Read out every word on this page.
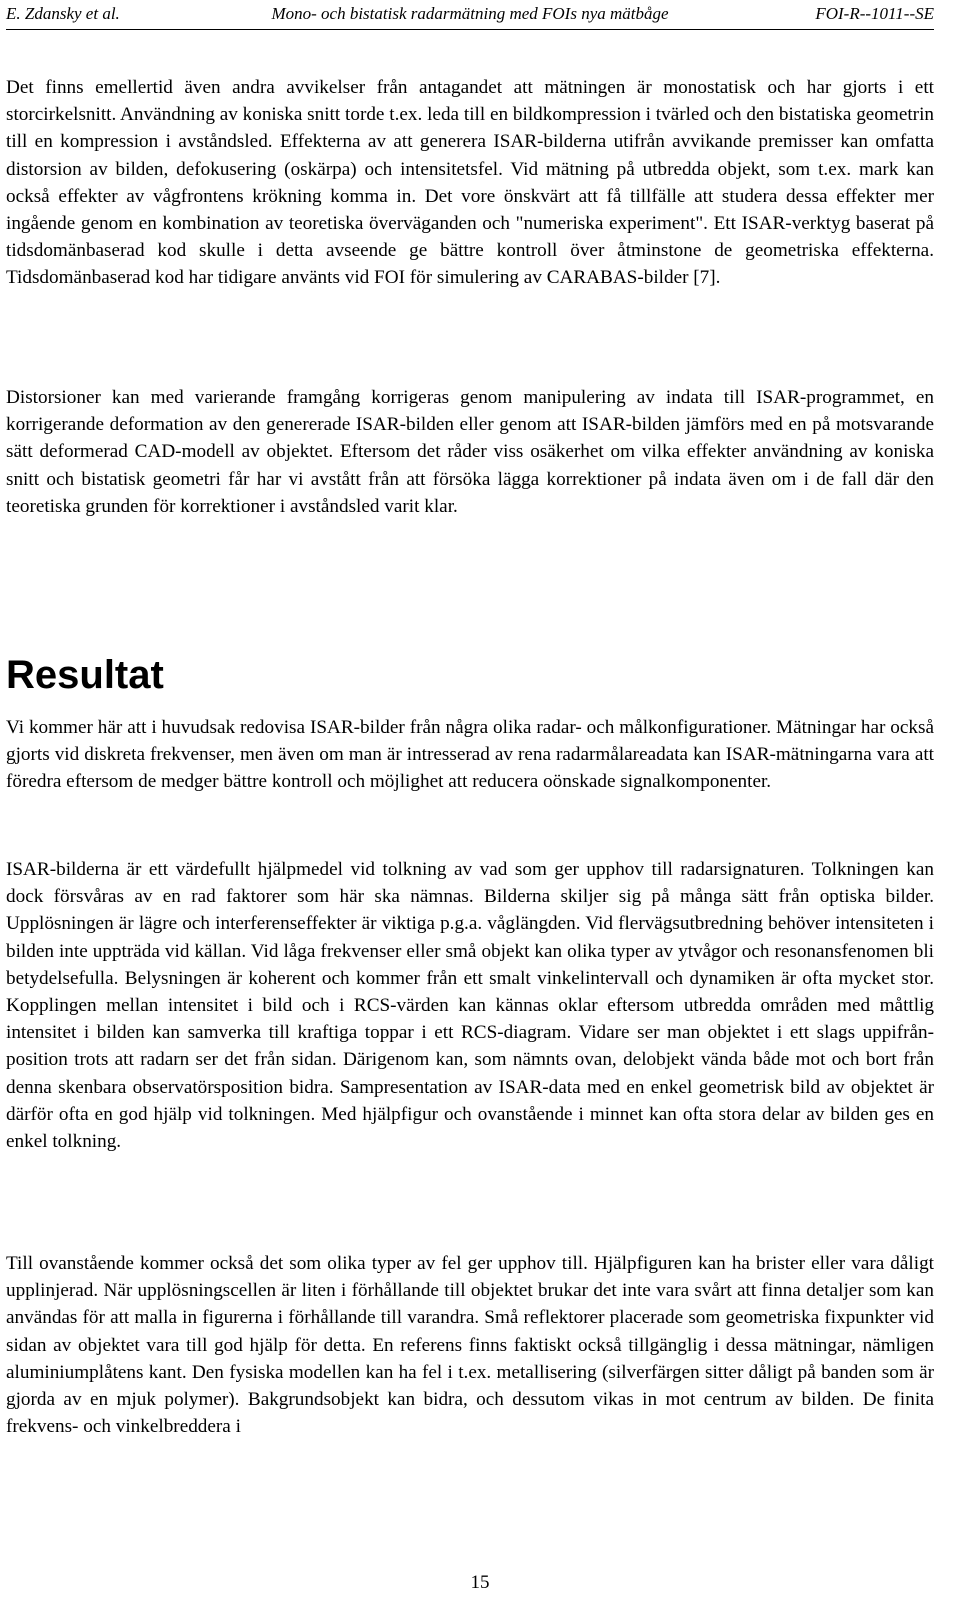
Mono- och bistatisk radarmätning med FOIs nya mätbåge
E. Zdansky et al.	FOI-R--1011--SE

Det finns emellertid även andra avvikelser från antagandet att mätningen är monostatisk och har gjorts i ett storcirkelsnitt. Användning av koniska snitt torde t.ex. leda till en bildkompression i tvärled och den bistatiska geometrin till en kompression i avståndsled. Effekterna av att generera ISAR-bilderna utifrån avvikande premisser kan omfatta distorsion av bilden, defokusering (oskärpa) och intensitetsfel. Vid mätning på utbredda objekt, som t.ex. mark kan också effekter av vågfrontens krökning komma in. Det vore önskvärt att få tillfälle att studera dessa effekter mer ingående genom en kombination av teoretiska överväganden och "numeriska experiment". Ett ISAR-verktyg baserat på tidsdomänbaserad kod skulle i detta avseende ge bättre kontroll över åtminstone de geometriska effekterna. Tidsdomänbaserad kod har tidigare använts vid FOI för simulering av CARABAS-bilder [7].

Distorsioner kan med varierande framgång korrigeras genom manipulering av indata till ISAR-programmet, en korrigerande deformation av den genererade ISAR-bilden eller genom att ISAR-bilden jämförs med en på motsvarande sätt deformerad CAD-modell av objektet. Eftersom det råder viss osäkerhet om vilka effekter användning av koniska snitt och bistatisk geometri får har vi avstått från att försöka lägga korrektioner på indata även om i de fall där den teoretiska grunden för korrektioner i avståndsled varit klar.

Resultat

Vi kommer här att i huvudsak redovisa ISAR-bilder från några olika radar- och målkonfigurationer. Mätningar har också gjorts vid diskreta frekvenser, men även om man är intresserad av rena radarmålareadata kan ISAR-mätningarna vara att föredra eftersom de medger bättre kontroll och möjlighet att reducera oönskade signalkomponenter.

ISAR-bilderna är ett värdefullt hjälpmedel vid tolkning av vad som ger upphov till radarsignaturen. Tolkningen kan dock försvåras av en rad faktorer som här ska nämnas. Bilderna skiljer sig på många sätt från optiska bilder. Upplösningen är lägre och interferenseffekter är viktiga p.g.a. våglängden. Vid flervägsutbredning behöver intensiteten i bilden inte uppträda vid källan. Vid låga frekvenser eller små objekt kan olika typer av ytvågor och resonansfenomen bli betydelsefulla. Belysningen är koherent och kommer från ett smalt vinkelintervall och dynamiken är ofta mycket stor. Kopplingen mellan intensitet i bild och i RCS-värden kan kännas oklar eftersom utbredda områden med måttlig intensitet i bilden kan samverka till kraftiga toppar i ett RCS-diagram. Vidare ser man objektet i ett slags uppifrån-position trots att radarn ser det från sidan. Därigenom kan, som nämnts ovan, delobjekt vända både mot och bort från denna skenbara observatörsposition bidra. Sampresentation av ISAR-data med en enkel geometrisk bild av objektet är därför ofta en god hjälp vid tolkningen. Med hjälpfigur och ovanstående i minnet kan ofta stora delar av bilden ges en enkel tolkning.

Till ovanstående kommer också det som olika typer av fel ger upphov till. Hjälpfiguren kan ha brister eller vara dåligt upplinjerad. När upplösningscellen är liten i förhållande till objektet brukar det inte vara svårt att finna detaljer som kan användas för att malla in figurerna i förhållande till varandra. Små reflektorer placerade som geometriska fixpunkter vid sidan av objektet vara till god hjälp för detta. En referens finns faktiskt också tillgänglig i dessa mätningar, nämligen aluminiumplåtens kant. Den fysiska modellen kan ha fel i t.ex. metallisering (silverfärgen sitter dåligt på banden som är gjorda av en mjuk polymer). Bakgrundsobjekt kan bidra, och dessutom vikas in mot centrum av bilden. De finita frekvens- och vinkelbreddera i

15
